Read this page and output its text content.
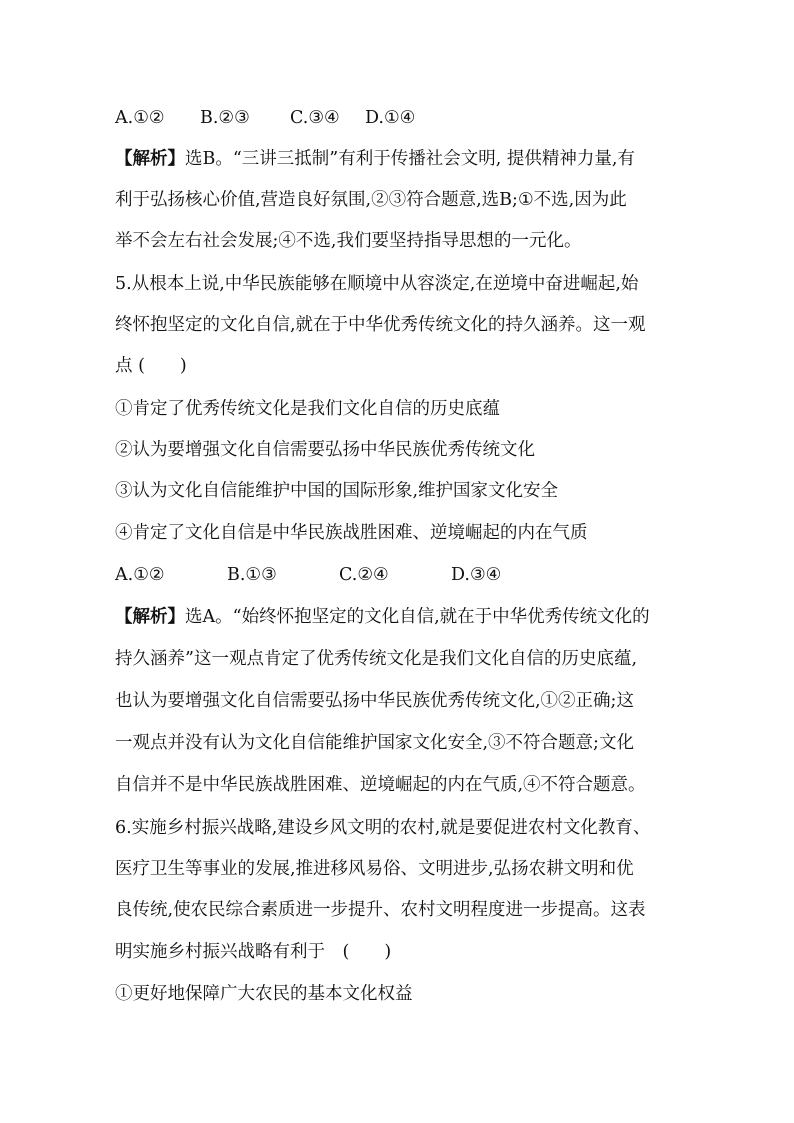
A.①② B.②③ C.③④ D.①④
【解析】选B。“三讲三抵制”有利于传播社会文明, 提供精神力量,有
利于弘扬核心价值,营造良好氛围,②③符合题意,选B;①不选,因为此
举不会左右社会发展;④不选,我们要坚持指导思想的一元化。
5.从根本上说,中华民族能够在顺境中从容淡定,在逆境中奋进崛起,始
终怀抱坚定的文化自信,就在于中华优秀传统文化的持久涵养。这一观
点 (　　)
①肯定了优秀传统文化是我们文化自信的历史底蕴
②认为要增强文化自信需要弘扬中华民族优秀传统文化
③认为文化自信能维护中国的国际形象,维护国家文化安全
④肯定了文化自信是中华民族战胜困难、逆境崛起的内在气质
A.①②	B.①③	C.②④	D.③④
【解析】选A。“始终怀抱坚定的文化自信,就在于中华优秀传统文化的
持久涵养”这一观点肯定了优秀传统文化是我们文化自信的历史底蕴,
也认为要增强文化自信需要弘扬中华民族优秀传统文化,①②正确;这
一观点并没有认为文化自信能维护国家文化安全,③不符合题意;文化
自信并不是中华民族战胜困难、逆境崛起的内在气质,④不符合题意。
6.实施乡村振兴战略,建设乡风文明的农村,就是要促进农村文化教育、
医疗卫生等事业的发展,推进移风易俗、文明进步,弘扬农耕文明和优
良传统,使农民综合素质进一步提升、农村文明程度进一步提高。这表
明实施乡村振兴战略有利于　(　　)
①更好地保障广大农民的基本文化权益
